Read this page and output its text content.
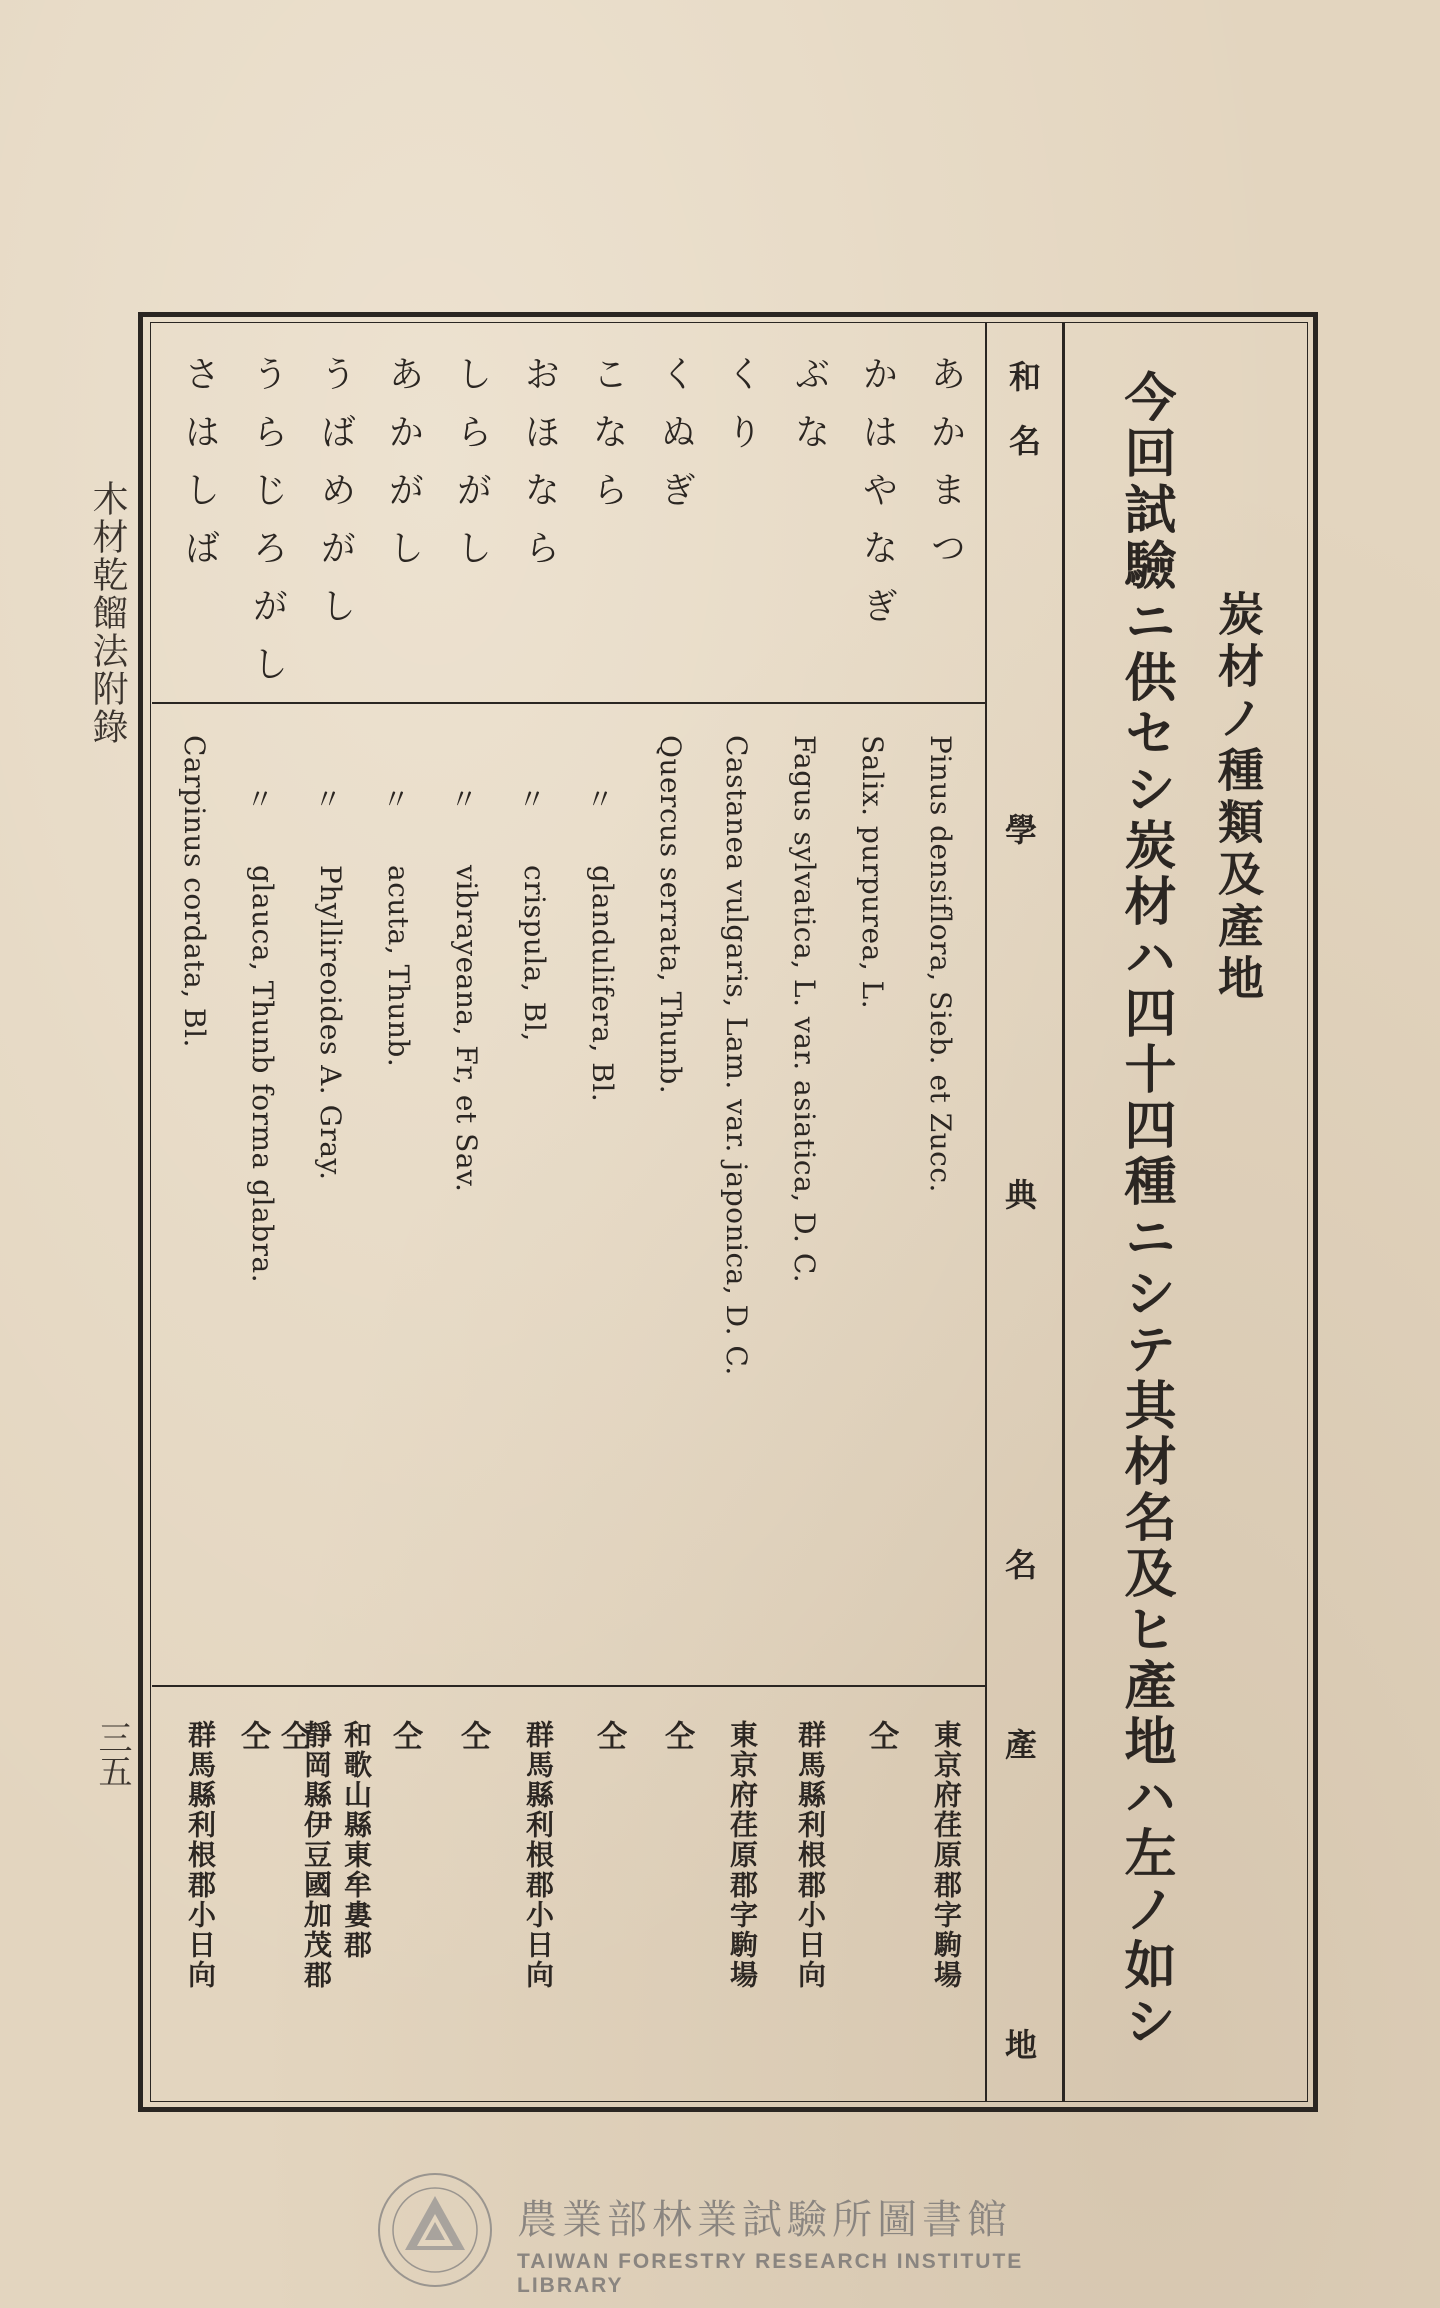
木材乾餾法附錄
三五
炭材ノ種類及產地
今回試驗ニ供セシ炭材ハ四十四種ニシテ其材名及ヒ產地ハ左ノ如シ
和　名
學
典
名
產
地
あかまつ
かはやなぎ
ぶな
くり
くぬぎ
こなら
おほなら
しらがし
あかがし
うばめがし
うらじろがし
さはしば
Pinus densiflora, Sieb. et Zucc.
Salix. purpurea, L.
Fagus sylvatica, L. var. asiatica, D. C.
Castanea vulgaris, Lam. var. japonica, D. C.
Quercus serrata, Thunb.
glandulifera, Bl.
crispula, Bl,
vibrayeana, Fr, et Sav.
acuta, Thunb.
Phyllireoides A. Gray.
glauca, Thunb forma glabra.
Carpinus cordata, Bl.	〃
〃
〃
〃
〃
〃
東京府荏原郡字駒場
仝
群馬縣利根郡小日向
東京府荏原郡字駒場
仝
仝
群馬縣利根郡小日向
仝
仝
和歌山縣東牟婁郡
靜岡縣伊豆國加茂郡
仝
仝
群馬縣利根郡小日向
農業部林業試驗所圖書館
TAIWAN FORESTRY RESEARCH INSTITUTE LIBRARY
